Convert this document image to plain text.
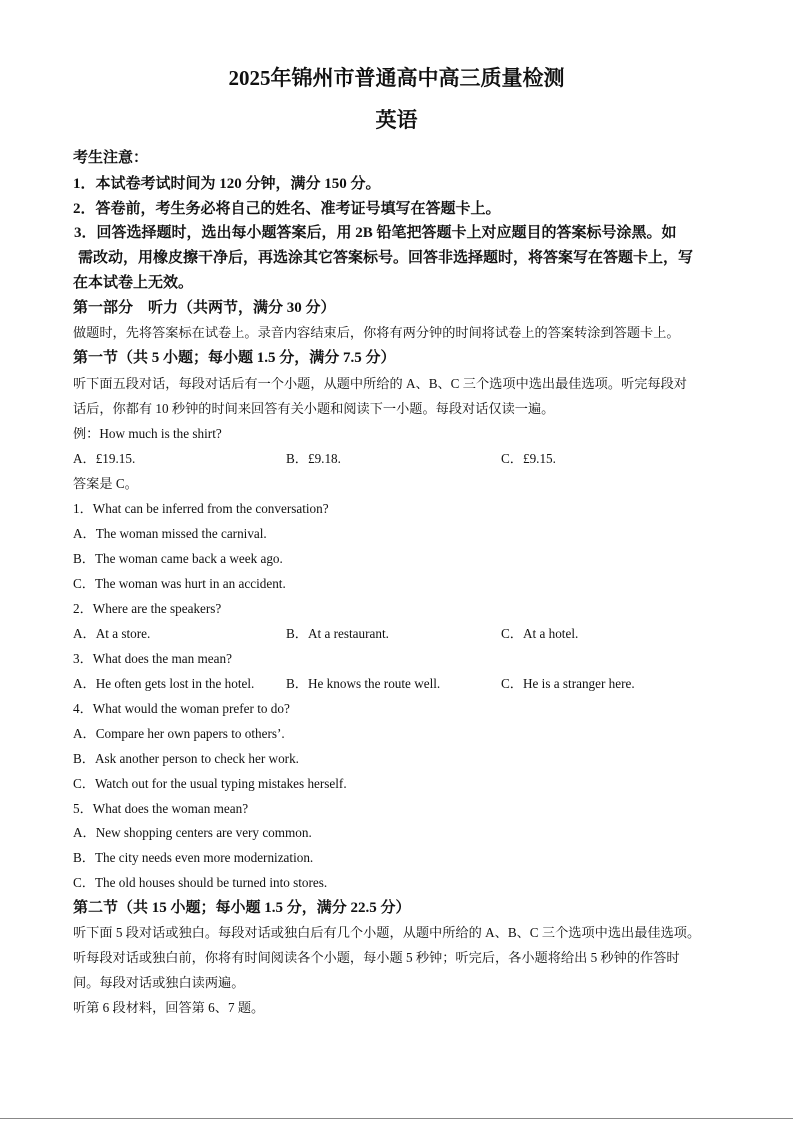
2025年锦州市普通高中高三质量检测
英语
考生注意：
1．本试卷考试时间为 120 分钟，满分 150 分。
2．答卷前，考生务必将自己的姓名、准考证号填写在答题卡上。
3．回答选择题时，选出每小题答案后，用 2B 铅笔把答题卡上对应题目的答案标号涂黑。如
需改动，用橡皮擦干净后，再选涂其它答案标号。回答非选择题时，将答案写在答题卡上，写
在本试卷上无效。
第一部分　听力（共两节，满分 30 分）
做题时，先将答案标在试卷上。录音内容结束后，你将有两分钟的时间将试卷上的答案转涂到答题卡上。
第一节（共 5 小题；每小题 1.5 分，满分 7.5 分）
听下面五段对话，每段对话后有一个小题，从题中所给的 A、B、C 三个选项中选出最佳选项。听完每段对
话后，你都有 10 秒钟的时间来回答有关小题和阅读下一小题。每段对话仅读一遍。
例：How much is the shirt?
A．£19.15.	B．£9.18.	C．£9.15.
答案是 C。
1．What can be inferred from the conversation?
A．The woman missed the carnival.
B．The woman came back a week ago.
C．The woman was hurt in an accident.
2．Where are the speakers?
A．At a store.	B．At a restaurant.	C．At a hotel.
3．What does the man mean?
A．He often gets lost in the hotel. B．He knows the route well.	C．He is a stranger here.
4．What would the woman prefer to do?
A．Compare her own papers to others’.
B．Ask another person to check her work.
C．Watch out for the usual typing mistakes herself.
5．What does the woman mean?
A．New shopping centers are very common.
B．The city needs even more modernization.
C．The old houses should be turned into stores.
第二节（共 15 小题；每小题 1.5 分，满分 22.5 分）
听下面 5 段对话或独白。每段对话或独白后有几个小题，从题中所给的 A、B、C 三个选项中选出最佳选项。
听每段对话或独白前，你将有时间阅读各个小题，每小题 5 秒钟；听完后，各小题将给出 5 秒钟的作答时
间。每段对话或独白读两遍。
听第 6 段材料，回答第 6、7 题。
